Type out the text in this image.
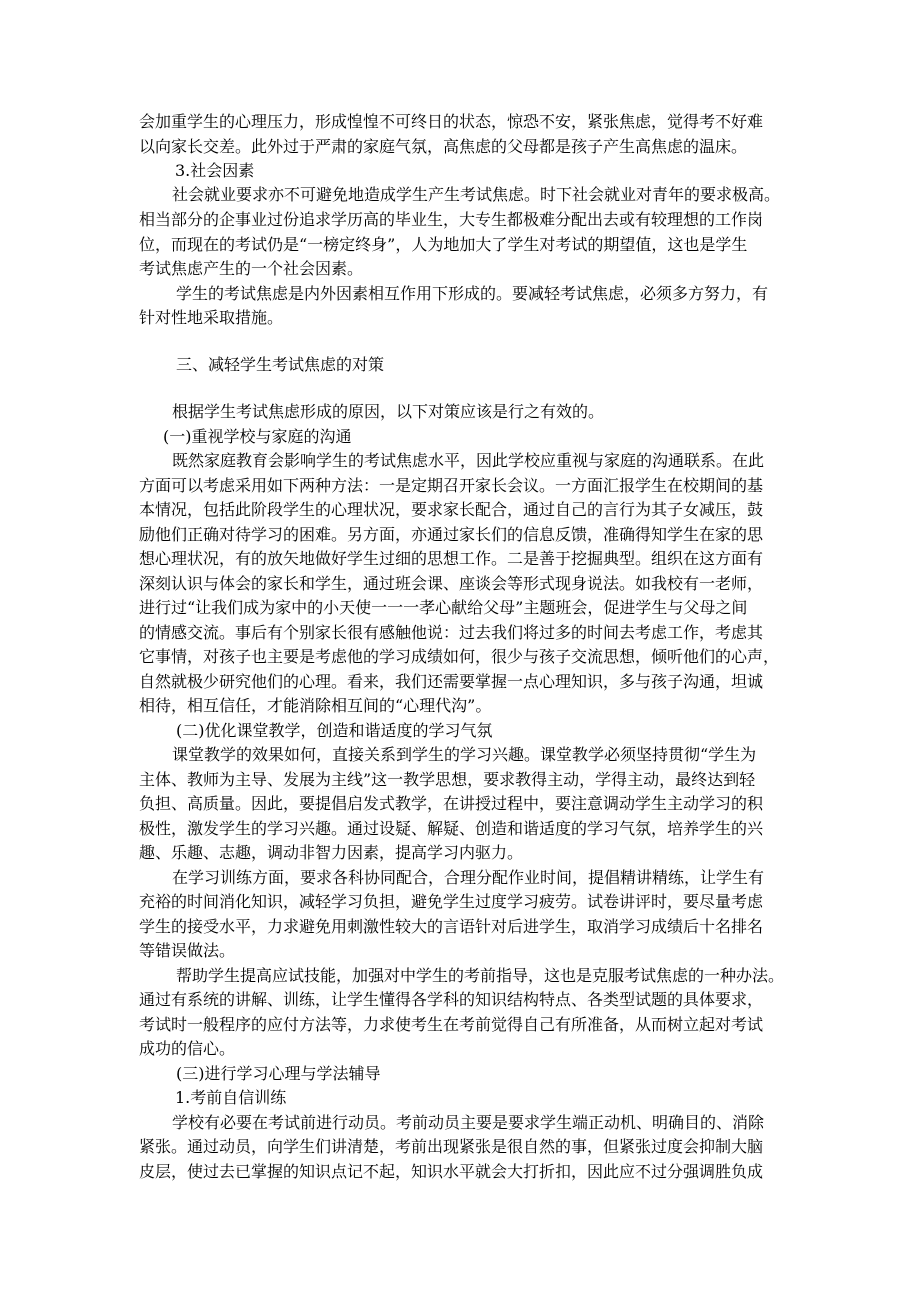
会加重学生的心理压力，形成惶惶不可终日的状态，惊恐不安，紧张焦虑，觉得考不好难
以向家长交差。此外过于严肃的家庭气氛，高焦虑的父母都是孩子产生高焦虑的温床。
3.社会因素
社会就业要求亦不可避免地造成学生产生考试焦虑。时下社会就业对青年的要求极高。
相当部分的企事业过份追求学历高的毕业生，大专生都极难分配出去或有较理想的工作岗
位，而现在的考试仍是“一榜定终身”，人为地加大了学生对考试的期望值，这也是学生
考试焦虑产生的一个社会因素。
学生的考试焦虑是内外因素相互作用下形成的。要减轻考试焦虑，必须多方努力，有
针对性地采取措施。
三、减轻学生考试焦虑的对策
根据学生考试焦虑形成的原因，以下对策应该是行之有效的。
(一)重视学校与家庭的沟通
既然家庭教育会影响学生的考试焦虑水平，因此学校应重视与家庭的沟通联系。在此
方面可以考虑采用如下两种方法：一是定期召开家长会议。一方面汇报学生在校期间的基
本情况，包括此阶段学生的心理状况，要求家长配合，通过自己的言行为其子女减压，鼓
励他们正确对待学习的困难。另方面，亦通过家长们的信息反馈，准确得知学生在家的思
想心理状况，有的放矢地做好学生过细的思想工作。二是善于挖掘典型。组织在这方面有
深刻认识与体会的家长和学生，通过班会课、座谈会等形式现身说法。如我校有一老师，
进行过“让我们成为家中的小天使一一一孝心献给父母”主题班会，促进学生与父母之间
的情感交流。事后有个别家长很有感触他说：过去我们将过多的时间去考虑工作，考虑其
它事情，对孩子也主要是考虑他的学习成绩如何，很少与孩子交流思想，倾听他们的心声，
自然就极少研究他们的心理。看来，我们还需要掌握一点心理知识，多与孩子沟通，坦诚
相待，相互信任，才能消除相互间的“心理代沟”。
(二)优化课堂教学，创造和谐适度的学习气氛
课堂教学的效果如何，直接关系到学生的学习兴趣。课堂教学必须坚持贯彻“学生为
主体、教师为主导、发展为主线”这一教学思想，要求教得主动，学得主动，最终达到轻
负担、高质量。因此，要提倡启发式教学，在讲授过程中，要注意调动学生主动学习的积
极性，激发学生的学习兴趣。通过设疑、解疑、创造和谐适度的学习气氛，培养学生的兴
趣、乐趣、志趣，调动非智力因素，提高学习内驱力。
在学习训练方面，要求各科协同配合，合理分配作业时间，提倡精讲精练，让学生有
充裕的时间消化知识，减轻学习负担，避免学生过度学习疲劳。试卷讲评时，要尽量考虑
学生的接受水平，力求避免用刺激性较大的言语针对后进学生，取消学习成绩后十名排名
等错误做法。
帮助学生提高应试技能，加强对中学生的考前指导，这也是克服考试焦虑的一种办法。
通过有系统的讲解、训练，让学生懂得各学科的知识结构特点、各类型试题的具体要求，
考试时一般程序的应付方法等，力求使考生在考前觉得自己有所准备，从而树立起对考试
成功的信心。
(三)进行学习心理与学法辅导
1.考前自信训练
学校有必要在考试前进行动员。考前动员主要是要求学生端正动机、明确目的、消除
紧张。通过动员，向学生们讲清楚，考前出现紧张是很自然的事，但紧张过度会抑制大脑
皮层，使过去已掌握的知识点记不起，知识水平就会大打折扣，因此应不过分强调胜负成
